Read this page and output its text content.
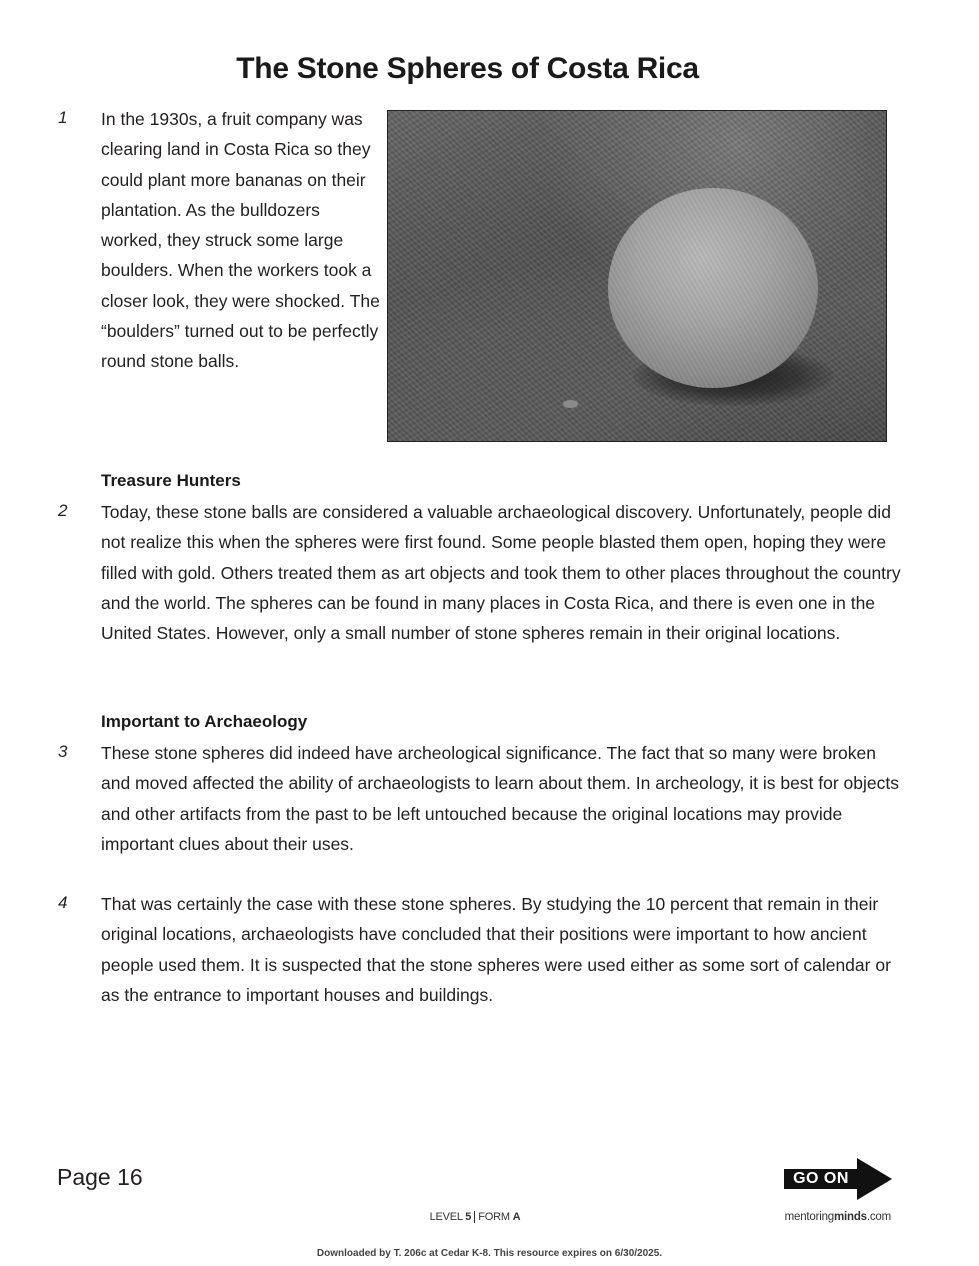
The Stone Spheres of Costa Rica
1 In the 1930s, a fruit company was clearing land in Costa Rica so they could plant more bananas on their plantation. As the bulldozers worked, they struck some large boulders. When the workers took a closer look, they were shocked. The “boulders” turned out to be perfectly round stone balls.
Treasure Hunters
2 Today, these stone balls are considered a valuable archaeological discovery. Unfortunately, people did not realize this when the spheres were first found. Some people blasted them open, hoping they were filled with gold. Others treated them as art objects and took them to other places throughout the country and the world. The spheres can be found in many places in Costa Rica, and there is even one in the United States. However, only a small number of stone spheres remain in their original locations.
Important to Archaeology
3 These stone spheres did indeed have archeological significance. The fact that so many were broken and moved affected the ability of archaeologists to learn about them. In archeology, it is best for objects and other artifacts from the past to be left untouched because the original locations may provide important clues about their uses.
4 That was certainly the case with these stone spheres. By studying the 10 percent that remain in their original locations, archaeologists have concluded that their positions were important to how ancient people used them. It is suspected that the stone spheres were used either as some sort of calendar or as the entrance to important houses and buildings.
Page 16	GO ON
LEVEL 5 FORM A	mentoringminds.com
Downloaded by T. 206c at Cedar K-8. This resource expires on 6/30/2025.
